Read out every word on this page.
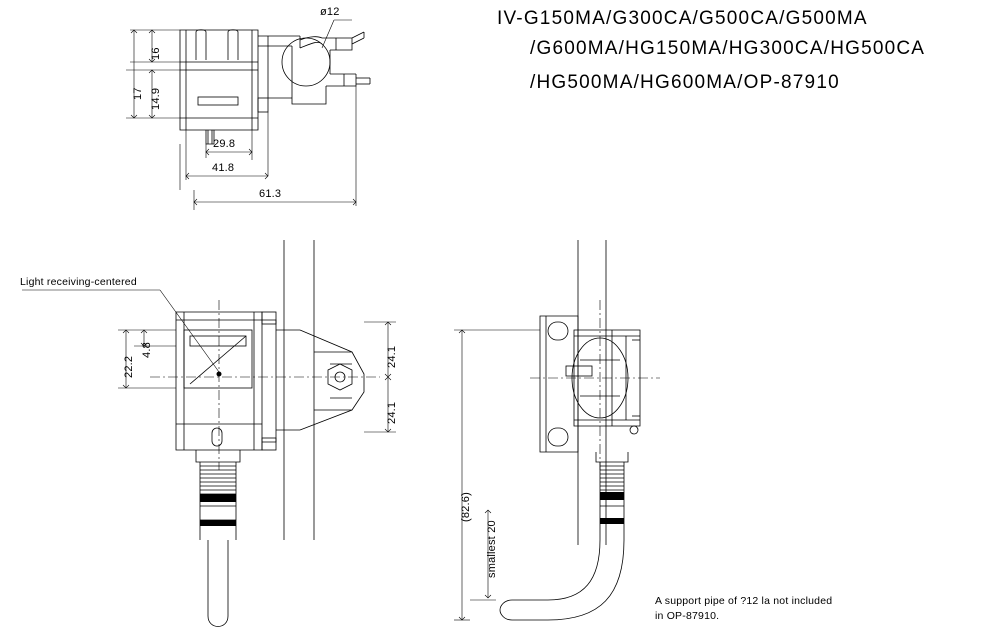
IV-G150MA/G300CA/G500CA/G500MA
/G600MA/HG150MA/HG300CA/HG500CA
/HG500MA/HG600MA/OP-87910
16
17 14.9
29.8
41.8
61.3
ø12
Light receiving-centered
22.2
4.8	24.1
24.1
(82.6)
smallest 20
A support pipe of ?12 la not included
in OP-87910.
